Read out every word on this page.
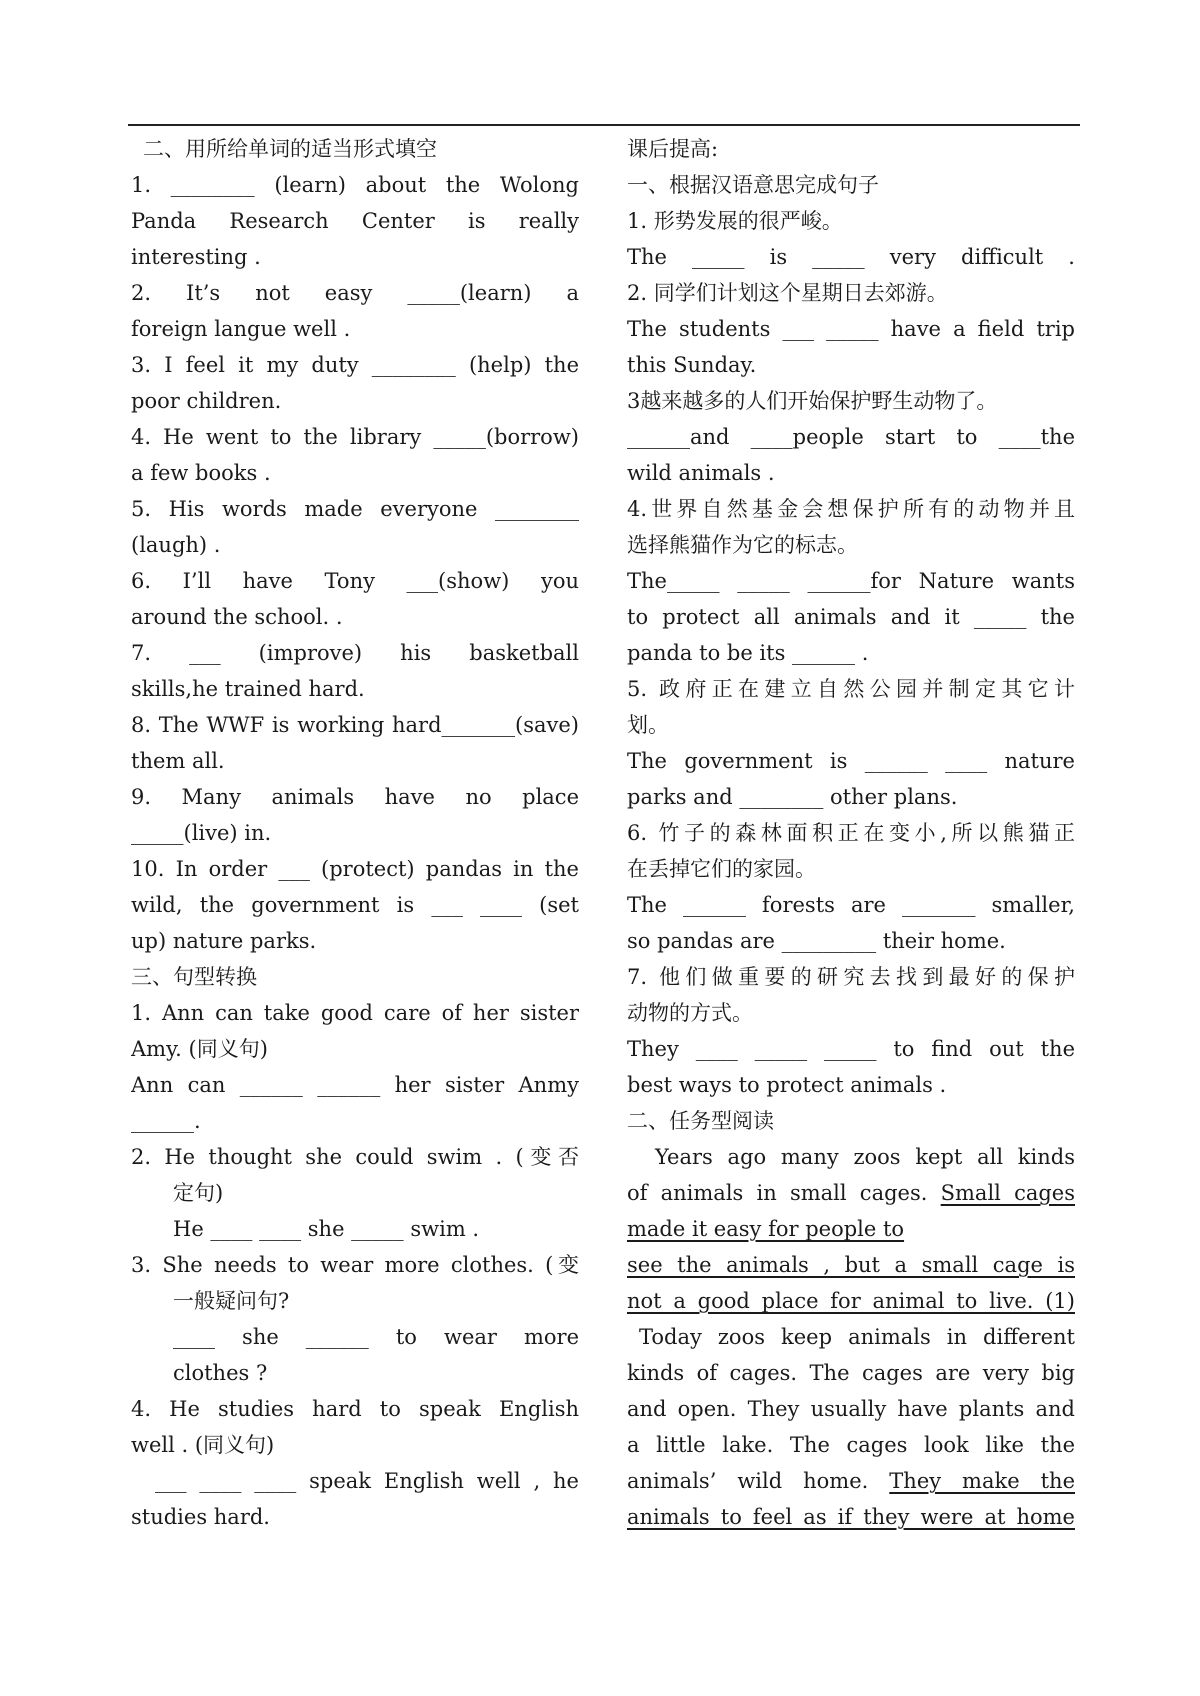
二、用所给单词的适当形式填空
1. ________ (learn) about the Wolong
Panda Research Center is really
interesting .
2. It’s not easy _____(learn) a
foreign langue well .
3. I feel it my duty ________ (help) the
poor children.
4. He went to the library _____(borrow)
a few books .
5. His words made everyone ________
(laugh) .
6. I’ll have Tony ___(show) you
around the school. .
7. ___ (improve) his basketball
skills,he trained hard.
8. The WWF is working hard_______(save)
them all.
9. Many animals have no place
_____(live) in.
10. In order ___ (protect) pandas in the
wild, the government is ___ ____ (set
up) nature parks.
三、句型转换
1. Ann can take good care of her sister
Amy. (同义句)
Ann can ______ ______ her sister Anmy
______.
2. He thought she could swim . (变否
定句)
He ____ ____ she _____ swim .
3. She needs to wear more clothes. (变
一般疑问句?
____ she ______ to wear more
clothes ?
4. He studies hard to speak English
well . (同义句)
___ ____ ____ speak English well , he
studies hard.
课后提高:
一、根据汉语意思完成句子
1. 形势发展的很严峻。
The _____ is _____ very difficult .
2. 同学们计划这个星期日去郊游。
The students ___ _____ have a field trip
this Sunday.
3越来越多的人们开始保护野生动物了。
______and ____people start to ____the
wild animals .
4.世界自然基金会想保护所有的动物并且
选择熊猫作为它的标志。
The_____ _____ ______for Nature wants
to protect all animals and it _____ the
panda to be its ______ .
5. 政府正在建立自然公园并制定其它计
划。
The government is ______ ____ nature
parks and ________ other plans.
6. 竹子的森林面积正在变小,所以熊猫正
在丢掉它们的家园。
The ______ forests are _______ smaller,
so pandas are _________ their home.
7. 他们做重要的研究去找到最好的保护
动物的方式。
They ____ _____ _____ to find out the
best ways to protect animals .
二、任务型阅读
Years ago many zoos kept all kinds
of animals in small cages. Small cages
made it easy for people to
see the animals , but a small cage is
not a good place for animal to live. (1)
Today zoos keep animals in different
kinds of cages. The cages are very big
and open. They usually have plants and
a little lake. The cages look like the
animals’ wild home. They make the
animals to feel as if they were at home
